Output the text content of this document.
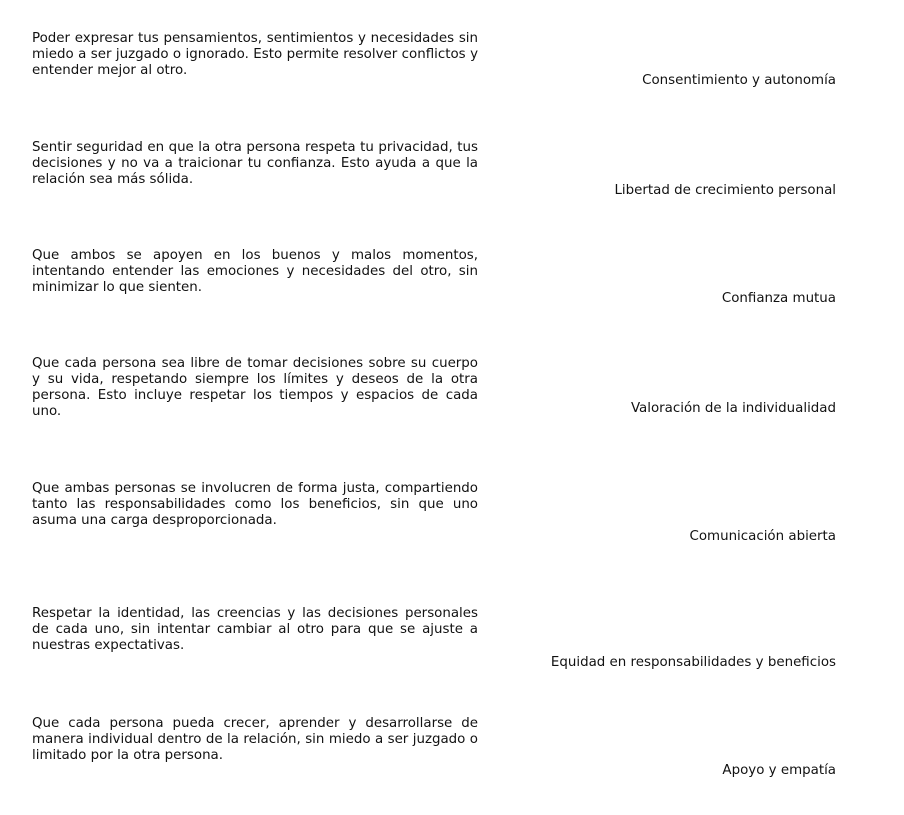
Poder expresar tus pensamientos, sentimientos y necesidades sin miedo a ser juzgado o ignorado. Esto permite resolver conflictos y entender mejor al otro.

Sentir seguridad en que la otra persona respeta tu privacidad, tus decisiones y no va a traicionar tu confianza. Esto ayuda a que la relación sea más sólida.

Que ambos se apoyen en los buenos y malos momentos, intentando entender las emociones y necesidades del otro, sin minimizar lo que sienten.

Que cada persona sea libre de tomar decisiones sobre su cuerpo y su vida, respetando siempre los límites y deseos de la otra persona. Esto incluye respetar los tiempos y espacios de cada uno.

Que ambas personas se involucren de forma justa, compartiendo tanto las responsabilidades como los beneficios, sin que uno asuma una carga desproporcionada.

Respetar la identidad, las creencias y las decisiones personales de cada uno, sin intentar cambiar al otro para que se ajuste a nuestras expectativas.

Que cada persona pueda crecer, aprender y desarrollarse de manera individual dentro de la relación, sin miedo a ser juzgado o limitado por la otra persona.

Consentimiento y autonomía

Libertad de crecimiento personal

Confianza mutua

Valoración de la individualidad

Comunicación abierta

Equidad en responsabilidades y beneficios

Apoyo y empatía
